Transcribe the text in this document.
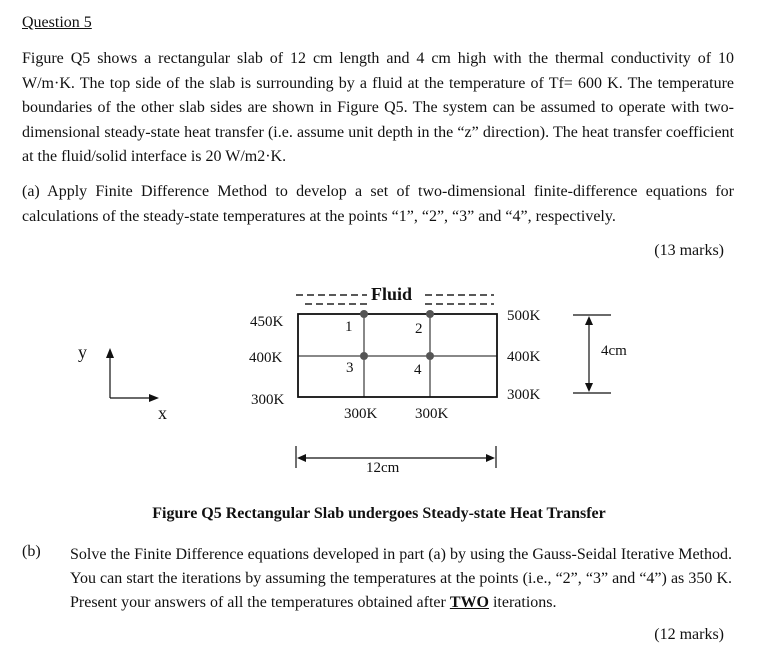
Question 5
Figure Q5 shows a rectangular slab of 12 cm length and 4 cm high with the thermal conductivity of 10 W/m·K. The top side of the slab is surrounding by a fluid at the temperature of Tf= 600 K. The temperature boundaries of the other slab sides are shown in Figure Q5. The system can be assumed to operate with two-dimensional steady-state heat transfer (i.e. assume unit depth in the “z” direction). The heat transfer coefficient at the fluid/solid interface is 20 W/m2·K.
(a) Apply Finite Difference Method to develop a set of two-dimensional finite-difference equations for calculations of the steady-state temperatures at the points “1”, “2”, “3” and “4”, respectively.
(13 marks)
Fluid
1	2
3	4
450K
400K
300K
500K
400K
300K
300K	300K
4cm
12cm
y
x
Figure Q5 Rectangular Slab undergoes Steady-state Heat Transfer
(b) Solve the Finite Difference equations developed in part (a) by using the Gauss-Seidal Iterative Method. You can start the iterations by assuming the temperatures at the points (i.e., “2”, “3” and “4”) as 350 K. Present your answers of all the temperatures obtained after TWO iterations.
(12 marks)
